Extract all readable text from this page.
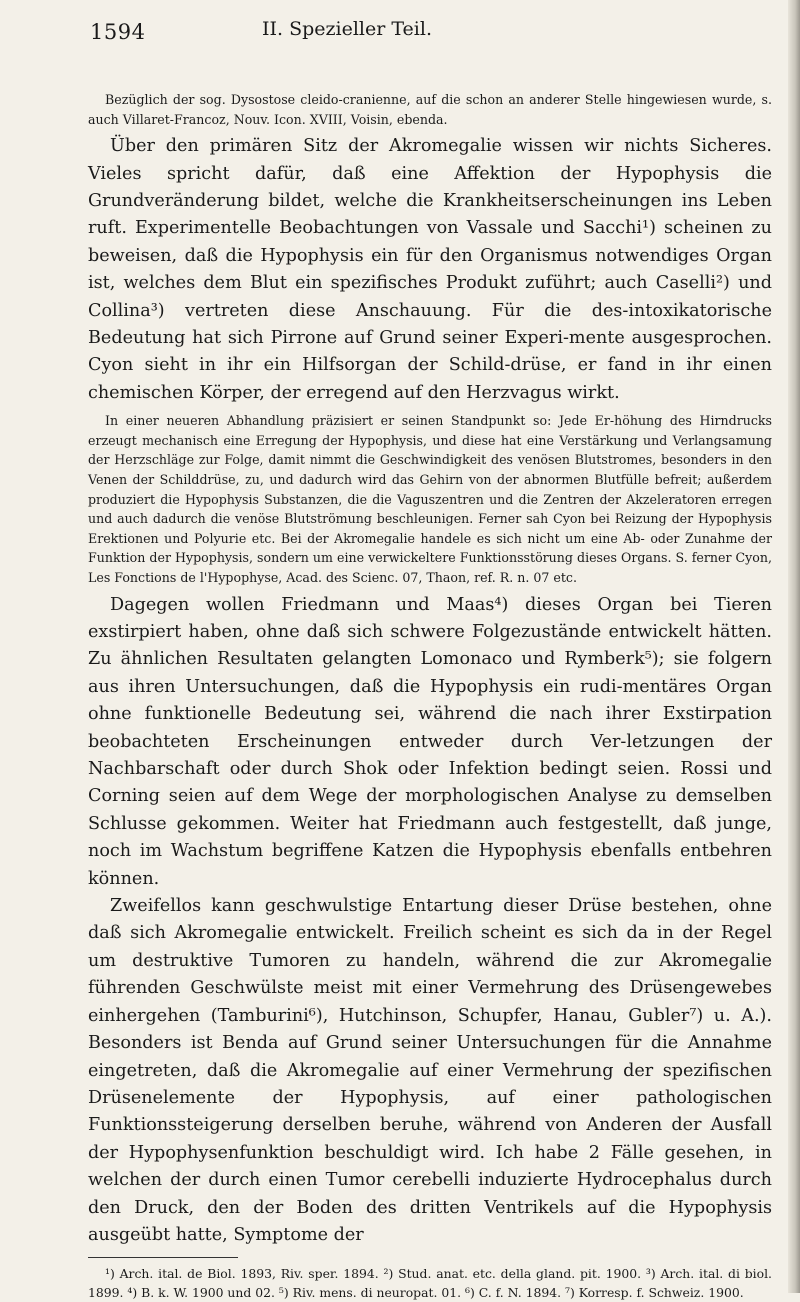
1594	II. Spezieller Teil.

Bezüglich der sog. Dysostose cleido-cranienne, auf die schon an anderer Stelle hingewiesen wurde, s. auch Villaret-Francoz, Nouv. Icon. XVIII, Voisin, ebenda.

Über den primären Sitz der Akromegalie wissen wir nichts Sicheres. Vieles spricht dafür, daß eine Affektion der Hypophysis die Grundveränderung bildet, welche die Krankheitserscheinungen ins Leben ruft. Experimentelle Beobachtungen von Vassale und Sacchi¹) scheinen zu beweisen, daß die Hypophysis ein für den Organismus notwendiges Organ ist, welches dem Blut ein spezifisches Produkt zuführt; auch Caselli²) und Collina³) vertreten diese Anschauung. Für die des-intoxikatorische Bedeutung hat sich Pirrone auf Grund seiner Experi-mente ausgesprochen. Cyon sieht in ihr ein Hilfsorgan der Schild-drüse, er fand in ihr einen chemischen Körper, der erregend auf den Herzvagus wirkt.

In einer neueren Abhandlung präzisiert er seinen Standpunkt so: Jede Er-höhung des Hirndrucks erzeugt mechanisch eine Erregung der Hypophysis, und diese hat eine Verstärkung und Verlangsamung der Herzschläge zur Folge, damit nimmt die Geschwindigkeit des venösen Blutstromes, besonders in den Venen der Schilddrüse, zu, und dadurch wird das Gehirn von der abnormen Blutfülle befreit; außerdem produziert die Hypophysis Substanzen, die die Vaguszentren und die Zentren der Akzeleratoren erregen und auch dadurch die venöse Blutströmung beschleunigen. Ferner sah Cyon bei Reizung der Hypophysis Erektionen und Polyurie etc. Bei der Akromegalie handele es sich nicht um eine Ab- oder Zunahme der Funktion der Hypophysis, sondern um eine verwickeltere Funktionsstörung dieses Organs. S. ferner Cyon, Les Fonctions de l'Hypophyse, Acad. des Scienc. 07, Thaon, ref. R. n. 07 etc.

Dagegen wollen Friedmann und Maas⁴) dieses Organ bei Tieren exstirpiert haben, ohne daß sich schwere Folgezustände entwickelt hätten. Zu ähnlichen Resultaten gelangten Lomonaco und Rymberk⁵); sie folgern aus ihren Untersuchungen, daß die Hypophysis ein rudi-mentäres Organ ohne funktionelle Bedeutung sei, während die nach ihrer Exstirpation beobachteten Erscheinungen entweder durch Ver-letzungen der Nachbarschaft oder durch Shok oder Infektion bedingt seien. Rossi und Corning seien auf dem Wege der morphologischen Analyse zu demselben Schlusse gekommen. Weiter hat Friedmann auch festgestellt, daß junge, noch im Wachstum begriffene Katzen die Hypophysis ebenfalls entbehren können.

Zweifellos kann geschwulstige Entartung dieser Drüse bestehen, ohne daß sich Akromegalie entwickelt. Freilich scheint es sich da in der Regel um destruktive Tumoren zu handeln, während die zur Akromegalie führenden Geschwülste meist mit einer Vermehrung des Drüsengewebes einhergehen (Tamburini⁶), Hutchinson, Schupfer, Hanau, Gubler⁷) u. A.). Besonders ist Benda auf Grund seiner Untersuchungen für die Annahme eingetreten, daß die Akromegalie auf einer Vermehrung der spezifischen Drüsenelemente der Hypophysis, auf einer pathologischen Funktionssteigerung derselben beruhe, während von Anderen der Ausfall der Hypophysenfunktion beschuldigt wird. Ich habe 2 Fälle gesehen, in welchen der durch einen Tumor cerebelli induzierte Hydrocephalus durch den Druck, den der Boden des dritten Ventrikels auf die Hypophysis ausgeübt hatte, Symptome der

¹) Arch. ital. de Biol. 1893, Riv. sper. 1894. ²) Stud. anat. etc. della gland. pit. 1900. ³) Arch. ital. di biol. 1899. ⁴) B. k. W. 1900 und 02. ⁵) Riv. mens. di neuropat. 01. ⁶) C. f. N. 1894. ⁷) Korresp. f. Schweiz. 1900.
